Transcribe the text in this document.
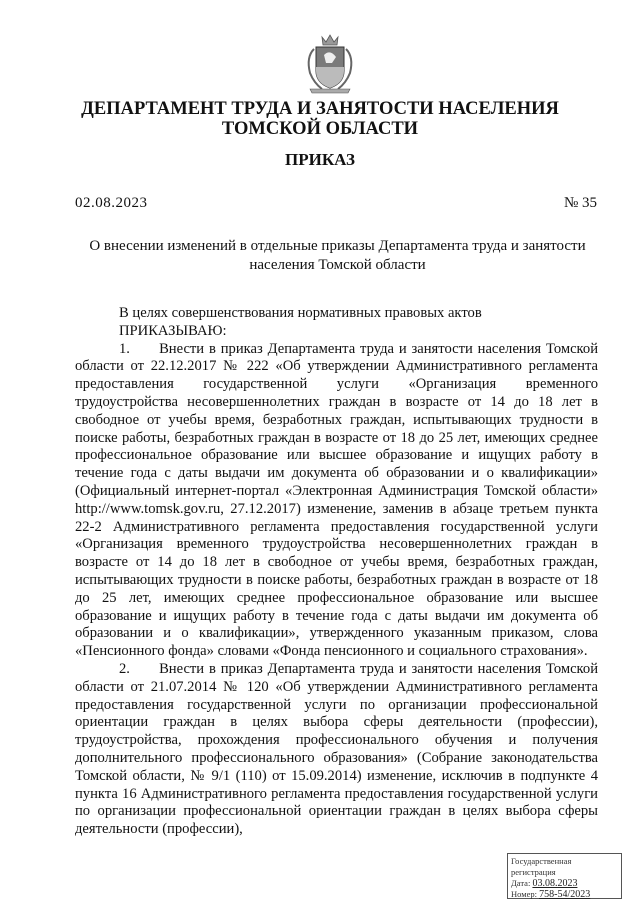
ДЕПАРТАМЕНТ ТРУДА И ЗАНЯТОСТИ НАСЕЛЕНИЯ
ТОМСКОЙ ОБЛАСТИ
ПРИКАЗ
02.08.2023	№ 35
О внесении изменений в отдельные приказы Департамента труда и занятости населения Томской области

В целях совершенствования нормативных правовых актов

ПРИКАЗЫВАЮ:

1.      Внести в приказ Департамента труда и занятости населения Томской области от 22.12.2017 № 222 «Об утверждении Административного регламента предоставления государственной услуги «Организация временного трудоустройства несовершеннолетних граждан в возрасте от 14 до 18 лет в свободное от учебы время, безработных граждан, испытывающих трудности в поиске работы, безработных граждан в возрасте от 18 до 25 лет, имеющих среднее профессиональное образование или высшее образование и ищущих работу в течение года с даты выдачи им документа об образовании и о квалификации» (Официальный интернет-портал «Электронная Администрация Томской области» http://www.tomsk.gov.ru, 27.12.2017) изменение, заменив в абзаце третьем пункта 22-2 Административного регламента предоставления государственной услуги «Организация временного трудоустройства несовершеннолетних граждан в возрасте от 14 до 18 лет в свободное от учебы время, безработных граждан, испытывающих трудности в поиске работы, безработных граждан в возрасте от 18 до 25 лет, имеющих среднее профессиональное образование или высшее образование и ищущих работу в течение года с даты выдачи им документа об образовании и о квалификации», утвержденного указанным приказом, слова «Пенсионного фонда» словами «Фонда пенсионного и социального страхования».

2.      Внести в приказ Департамента труда и занятости населения Томской области от 21.07.2014 № 120 «Об утверждении Административного регламента предоставления государственной услуги по организации профессиональной ориентации граждан в целях выбора сферы деятельности (профессии), трудоустройства, прохождения профессионального обучения и получения дополнительного профессионального образования» (Собрание законодательства Томской области, № 9/1 (110) от 15.09.2014) изменение, исключив в подпункте 4 пункта 16 Административного регламента предоставления государственной услуги по организации профессиональной ориентации граждан в целях выбора сферы деятельности (профессии),

Государственная регистрация
Дата: 03.08.2023
Номер: 758-54/2023
